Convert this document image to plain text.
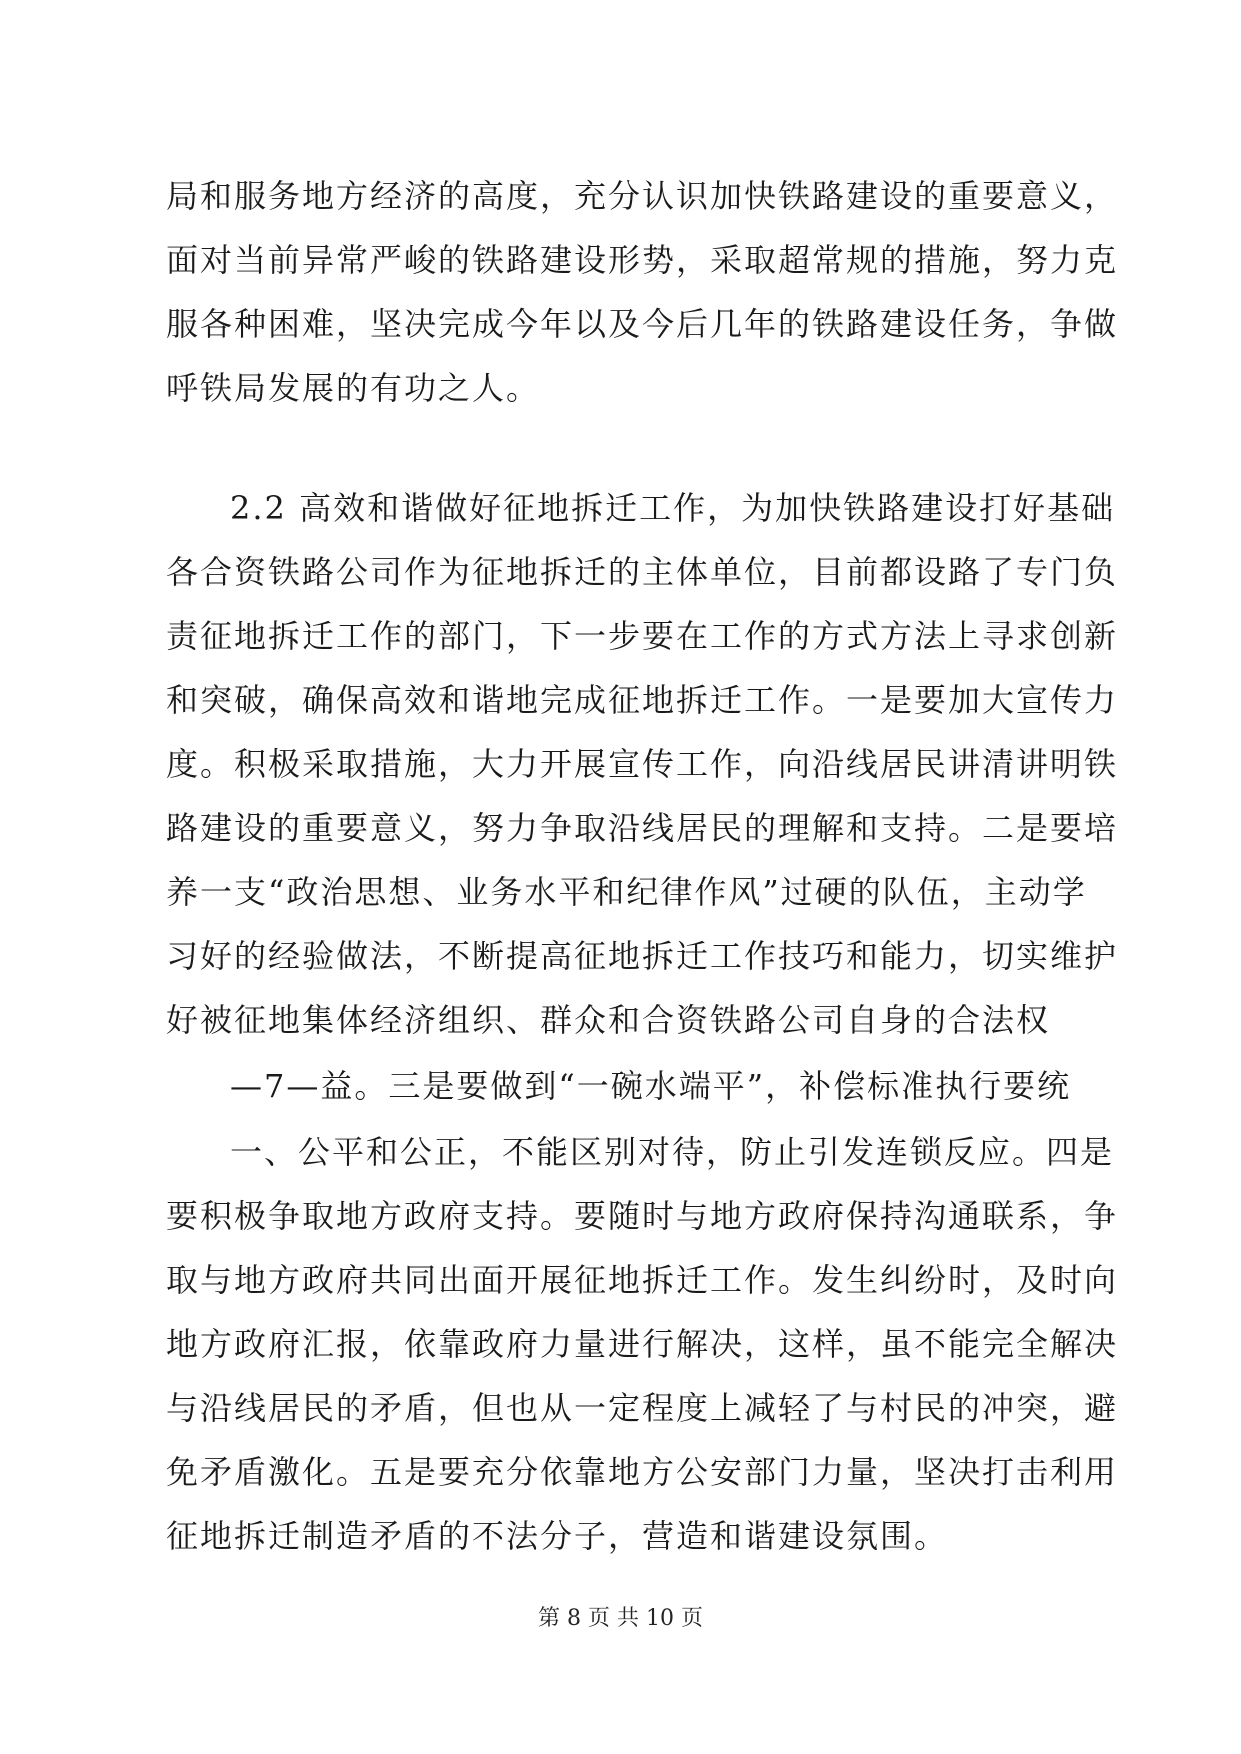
局和服务地方经济的高度，充分认识加快铁路建设的重要意义，
面对当前异常严峻的铁路建设形势，采取超常规的措施，努力克
服各种困难，坚决完成今年以及今后几年的铁路建设任务，争做
呼铁局发展的有功之人。
2.2 高效和谐做好征地拆迁工作，为加快铁路建设打好基础
各合资铁路公司作为征地拆迁的主体单位，目前都设路了专门负
责征地拆迁工作的部门，下一步要在工作的方式方法上寻求创新
和突破，确保高效和谐地完成征地拆迁工作。一是要加大宣传力
度。积极采取措施，大力开展宣传工作，向沿线居民讲清讲明铁
路建设的重要意义，努力争取沿线居民的理解和支持。二是要培
养一支“政治思想、业务水平和纪律作风”过硬的队伍，主动学
习好的经验做法，不断提高征地拆迁工作技巧和能力，切实维护
好被征地集体经济组织、群众和合资铁路公司自身的合法权
—7—益。三是要做到“一碗水端平”，补偿标准执行要统
一、公平和公正，不能区别对待，防止引发连锁反应。四是
要积极争取地方政府支持。要随时与地方政府保持沟通联系，争
取与地方政府共同出面开展征地拆迁工作。发生纠纷时，及时向
地方政府汇报，依靠政府力量进行解决，这样，虽不能完全解决
与沿线居民的矛盾，但也从一定程度上减轻了与村民的冲突，避
免矛盾激化。五是要充分依靠地方公安部门力量，坚决打击利用
征地拆迁制造矛盾的不法分子，营造和谐建设氛围。
第 8 页 共 10 页
